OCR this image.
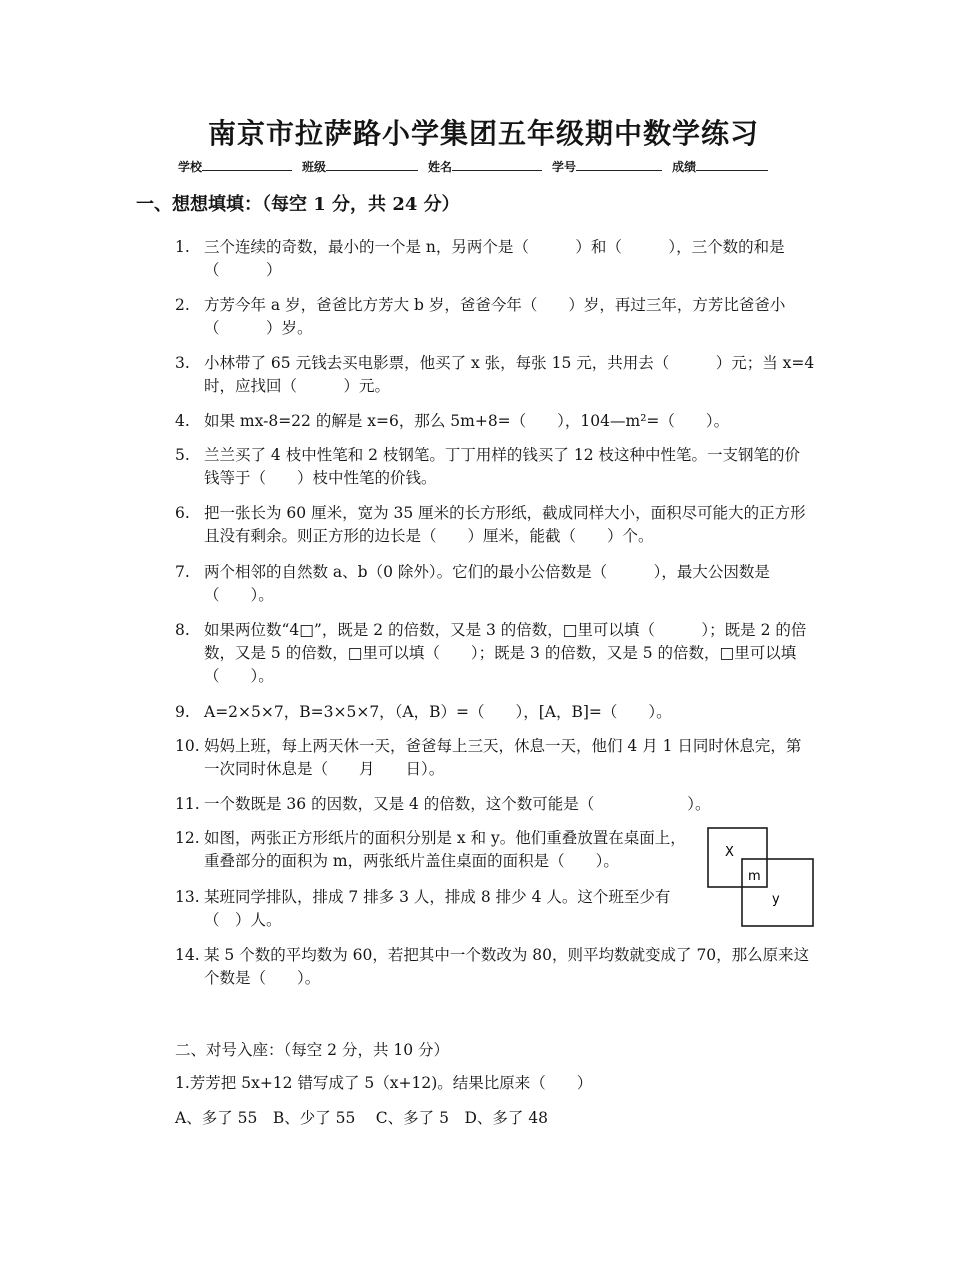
南京市拉萨路小学集团五年级期中数学练习
学校	班级	姓名	学号	成绩
一、想想填填：（每空 1 分，共 24 分）
1. 三个连续的奇数，最小的一个是 n，另两个是（　　　）和（　　　），三个数的和是（　　　）
2. 方芳今年 a 岁，爸爸比方芳大 b 岁，爸爸今年（　　）岁，再过三年，方芳比爸爸小（　　　）岁。
3. 小林带了 65 元钱去买电影票，他买了 x 张，每张 15 元，共用去（　　　）元；当 x=4 时，应找回（　　　）元。
4. 如果 mx-8=22 的解是 x=6，那么 5m+8=（　　），104—m²=（　　）。
5. 兰兰买了 4 枝中性笔和 2 枝钢笔。丁丁用样的钱买了 12 枝这种中性笔。一支钢笔的价钱等于（　　）枝中性笔的价钱。
6. 把一张长为 60 厘米，宽为 35 厘米的长方形纸，截成同样大小，面积尽可能大的正方形且没有剩余。则正方形的边长是（　　）厘米，能截（　　）个。
7. 两个相邻的自然数 a、b（0 除外）。它们的最小公倍数是（　　　），最大公因数是（　　）。
8. 如果两位数“4□”，既是 2 的倍数，又是 3 的倍数，□里可以填（　　　）；既是 2 的倍数，又是 5 的倍数，□里可以填（　　）；既是 3 的倍数，又是 5 的倍数，□里可以填（　　）。
9. A=2×5×7，B=3×5×7，（A，B）=（　　），[A，B]=（　　）。
10. 妈妈上班，每上两天休一天，爸爸每上三天，休息一天，他们 4 月 1 日同时休息完，第一次同时休息是（　　月　　日）。
11. 一个数既是 36 的因数，又是 4 的倍数，这个数可能是（　　　　　　）。
12. 如图，两张正方形纸片的面积分别是 x 和 y。他们重叠放置在桌面上，重叠部分的面积为 m，两张纸片盖住桌面的面积是（　　）。
13. 某班同学排队，排成 7 排多 3 人，排成 8 排少 4 人。这个班至少有（　）人。
14. 某 5 个数的平均数为 60，若把其中一个数改为 80，则平均数就变成了 70，那么原来这个数是（　　）。
X
m
y
二、对号入座：（每空 2 分，共 10 分）
1.芳芳把 5x+12 错写成了 5（x+12)。结果比原来（　　）
A、多了 55　B、少了 55　 C、多了 5　D、多了 48
